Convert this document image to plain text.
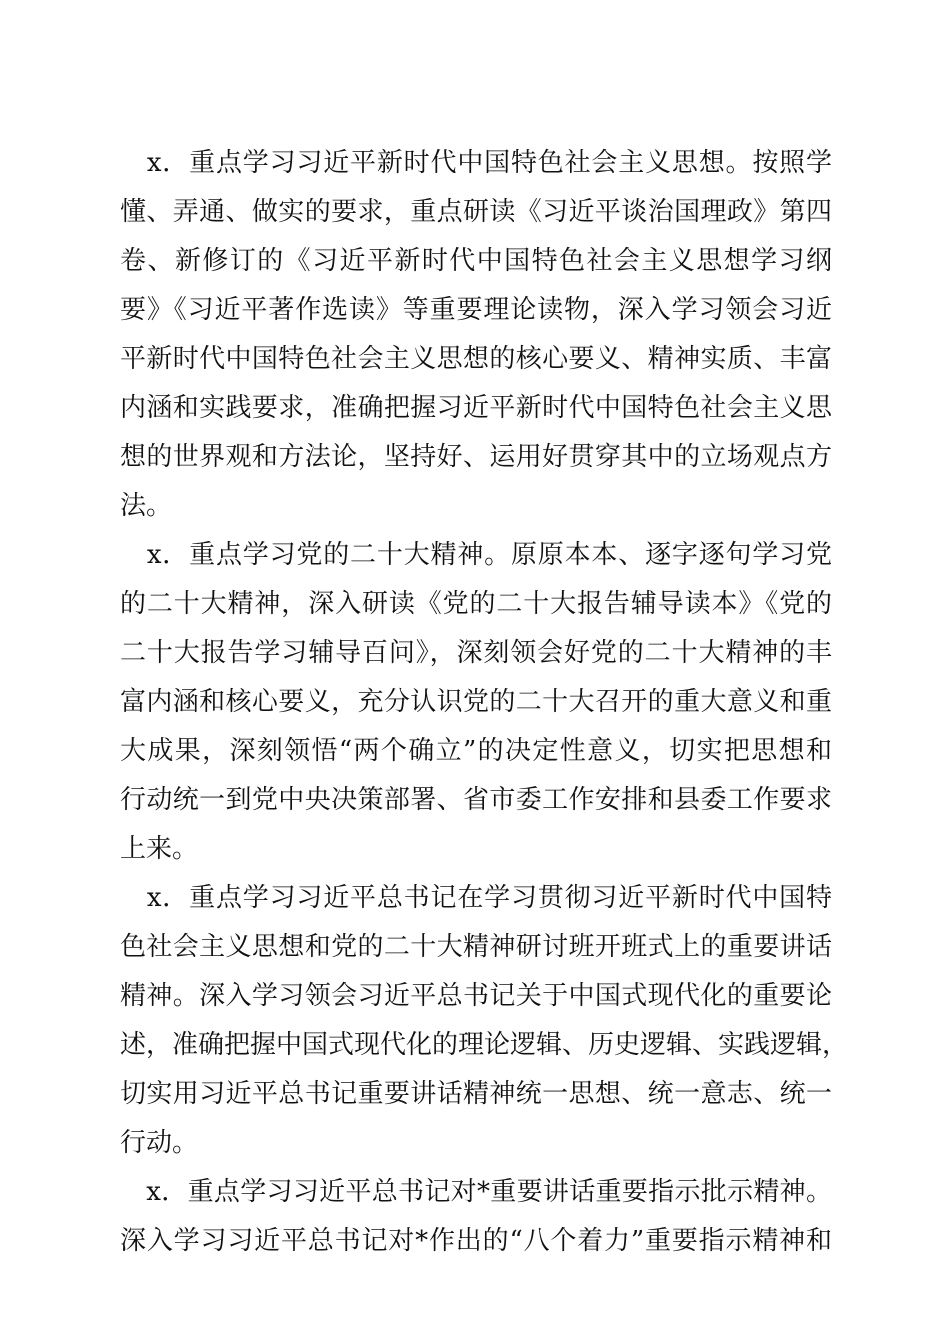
　x．重点学习习近平新时代中国特色社会主义思想。按照学
懂、弄通、做实的要求，重点研读《习近平谈治国理政》第四
卷、新修订的《习近平新时代中国特色社会主义思想学习纲
要》《习近平著作选读》等重要理论读物，深入学习领会习近
平新时代中国特色社会主义思想的核心要义、精神实质、丰富
内涵和实践要求，准确把握习近平新时代中国特色社会主义思
想的世界观和方法论，坚持好、运用好贯穿其中的立场观点方
法。
　x．重点学习党的二十大精神。原原本本、逐字逐句学习党
的二十大精神，深入研读《党的二十大报告辅导读本》《党的
二十大报告学习辅导百问》，深刻领会好党的二十大精神的丰
富内涵和核心要义，充分认识党的二十大召开的重大意义和重
大成果，深刻领悟“两个确立”的决定性意义，切实把思想和
行动统一到党中央决策部署、省市委工作安排和县委工作要求
上来。
　x．重点学习习近平总书记在学习贯彻习近平新时代中国特
色社会主义思想和党的二十大精神研讨班开班式上的重要讲话
精神。深入学习领会习近平总书记关于中国式现代化的重要论
述，准确把握中国式现代化的理论逻辑、历史逻辑、实践逻辑，
切实用习近平总书记重要讲话精神统一思想、统一意志、统一
行动。
　x．重点学习习近平总书记对*重要讲话重要指示批示精神。
深入学习习近平总书记对*作出的“八个着力”重要指示精神和
